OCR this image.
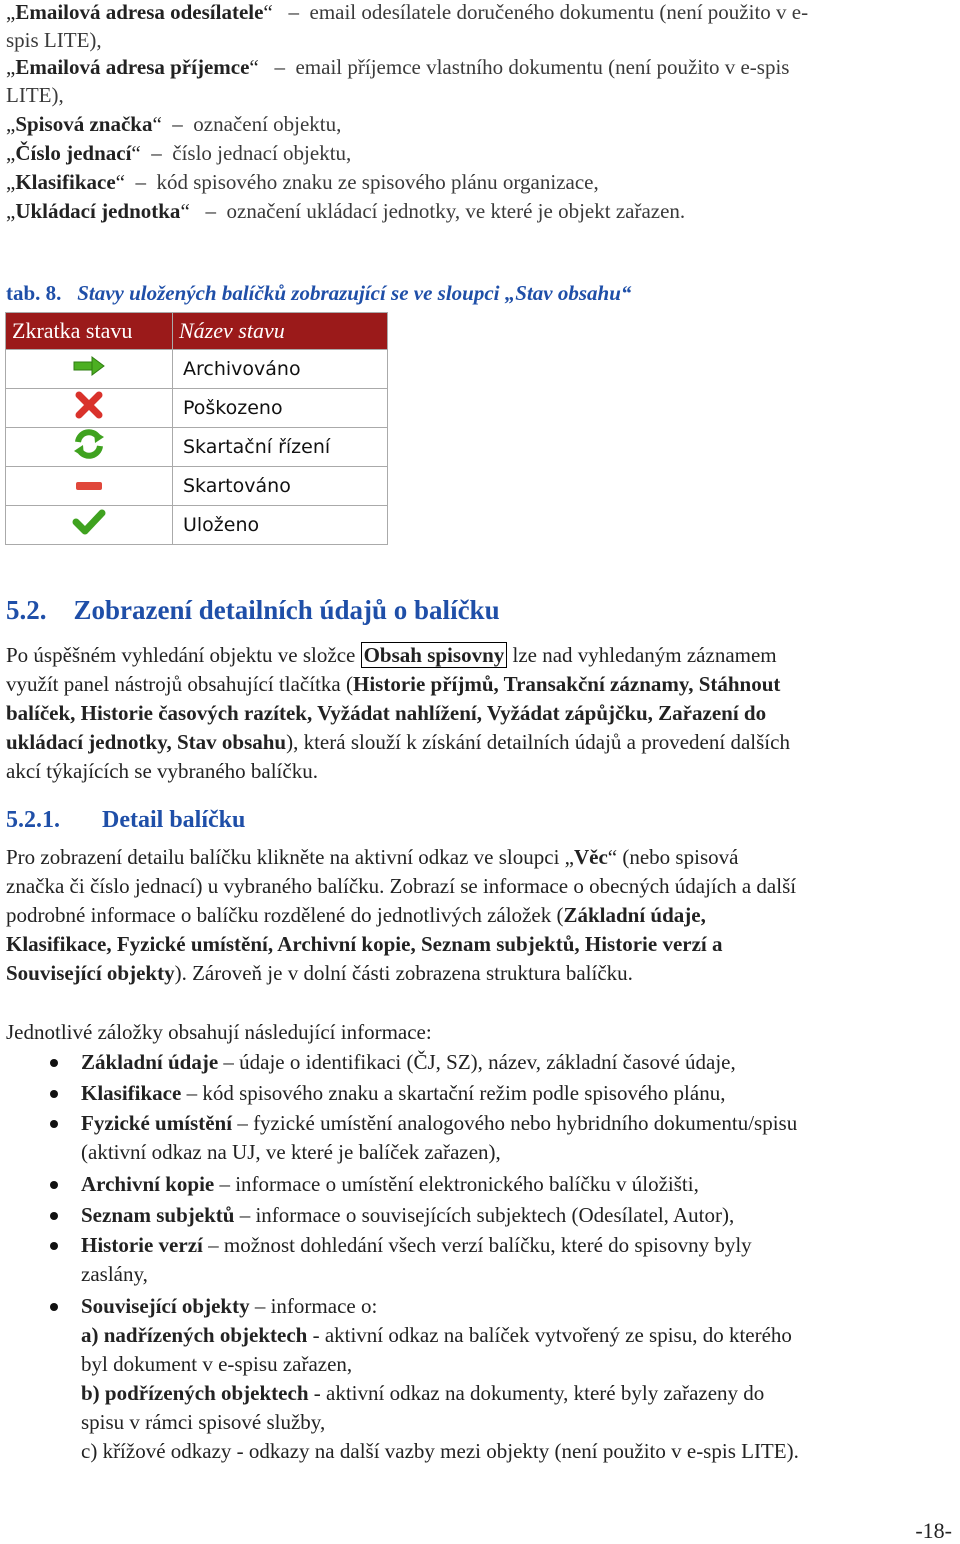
„Emailová adresa odesílatele“   –  email odesílatele doručeného dokumentu (není použito v e-
spis LITE),
„Emailová adresa příjemce“   –  email příjemce vlastního dokumentu (není použito v e-spis
LITE),
„Spisová značka“  –  označení objektu,
„Číslo jednací“  –  číslo jednací objektu,
„Klasifikace“  –  kód spisového znaku ze spisového plánu organizace,
„Ukládací jednotka“   –  označení ukládací jednotky, ve které je objekt zařazen.
tab. 8. Stavy uložených balíčků zobrazující se ve sloupci „Stav obsahu“
Zkratka stavu	Název stavu
	Archivováno
	Poškozeno
	Skartační řízení
	Skartováno
	Uloženo
5.2. Zobrazení detailních údajů o balíčku
Po úspěšném vyhledání objektu ve složce Obsah spisovny lze nad vyhledaným záznamem
využít panel nástrojů obsahující tlačítka (Historie příjmů, Transakční záznamy, Stáhnout
balíček, Historie časových razítek, Vyžádat nahlížení, Vyžádat zápůjčku, Zařazení do
ukládací jednotky, Stav obsahu), která slouží k získání detailních údajů a provedení dalších
akcí týkajících se vybraného balíčku.
5.2.1. Detail balíčku
Pro zobrazení detailu balíčku klikněte na aktivní odkaz ve sloupci „Věc“ (nebo spisová
značka či číslo jednací) u vybraného balíčku. Zobrazí se informace o obecných údajích a další
podrobné informace o balíčku rozdělené do jednotlivých záložek (Základní údaje,
Klasifikace, Fyzické umístění, Archivní kopie, Seznam subjektů, Historie verzí a
Související objekty). Zároveň je v dolní části zobrazena struktura balíčku.
Jednotlivé záložky obsahují následující informace:
Základní údaje – údaje o identifikaci (ČJ, SZ), název, základní časové údaje,
Klasifikace – kód spisového znaku a skartační režim podle spisového plánu,
Fyzické umístění – fyzické umístění analogového nebo hybridního dokumentu/spisu
(aktivní odkaz na UJ, ve které je balíček zařazen),
Archivní kopie – informace o umístění elektronického balíčku v úložišti,
Seznam subjektů – informace o souvisejících subjektech (Odesílatel, Autor),
Historie verzí – možnost dohledání všech verzí balíčku, které do spisovny byly
zaslány,
Související objekty – informace o:
a) nadřízených objektech - aktivní odkaz na balíček vytvořený ze spisu, do kterého
byl dokument v e-spisu zařazen,
b) podřízených objektech - aktivní odkaz na dokumenty, které byly zařazeny do
spisu v rámci spisové služby,
c) křížové odkazy - odkazy na další vazby mezi objekty (není použito v e-spis LITE).
-18-
